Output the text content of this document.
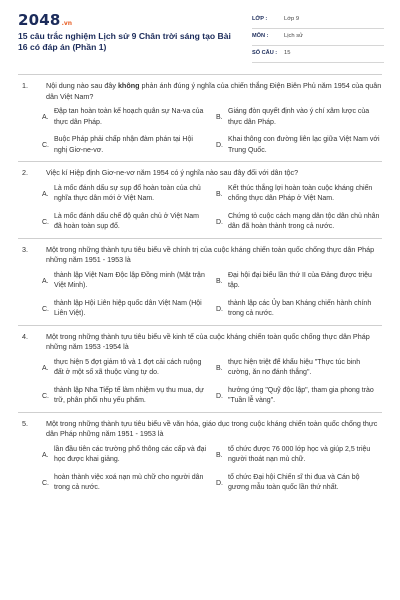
2048 .vn
15 câu trắc nghiệm Lịch sử 9 Chân trời sáng tạo Bài 16 có đáp án (Phần 1)
LỚP :	Lớp 9
MÔN :	Lịch sử
SỐ CÂU : 15
1.	Nội dung nào sau đây không phản ánh đúng ý nghĩa của chiến thắng Điện Biên Phủ năm 1954 của quân dân Việt Nam?
A.
Đập tan hoàn toàn kế hoạch quân sự Na-va của thực dân Pháp.
B.
Giáng đòn quyết định vào ý chí xâm lược của thực dân Pháp.
C.
Buộc Pháp phải chấp nhận đàm phán tại Hội nghị Giơ-ne-vơ.
D.
Khai thông con đường liên lạc giữa Việt Nam với Trung Quốc.
2.	Việc kí Hiệp định Giơ-ne-vơ năm 1954 có ý nghĩa nào sau đây đối với dân tộc?
A.
Là mốc đánh dấu sự sụp đổ hoàn toàn của chủ nghĩa thực dân mới ở Việt Nam.
B.
Kết thúc thắng lợi hoàn toàn cuộc kháng chiến chống thực dân Pháp ở Việt Nam.
C.
Là mốc đánh dấu chế độ quân chủ ở Việt Nam đã hoàn toàn sụp đổ.
D.
Chứng tỏ cuộc cách mạng dân tộc dân chủ nhân dân đã hoàn thành trong cả nước.
3.	Một trong những thành tựu tiêu biểu về chính trị của cuộc kháng chiến toàn quốc chống thực dân Pháp những năm 1951 - 1953 là
A.
thành lập Việt Nam Độc lập Đồng minh (Mặt trận Việt Minh).
B.
Đại hội đại biểu lần thứ II của Đảng được triệu tập.
C.
thành lập Hội Liên hiệp quốc dân Việt Nam (Hội Liên Việt).
D.
thành lập các Ủy ban Kháng chiến hành chính trong cả nước.
4.	Một trong những thành tựu tiêu biểu về kinh tế của cuộc kháng chiến toàn quốc chống thực dân Pháp những năm 1953 -1954 là
A.
thực hiện 5 đợt giảm tô và 1 đợt cải cách ruộng đất ở một số xã thuộc vùng tự do.
B.
thực hiện triệt để khẩu hiệu "Thực túc binh cường, ăn no đánh thắng".
C.
thành lập Nha Tiếp tế làm nhiệm vụ thu mua, dự trữ, phân phối nhu yếu phẩm.
D.
hưởng ứng "Quỹ độc lập", tham gia phong trào "Tuần lễ vàng".
5.	Một trong những thành tựu tiêu biểu về văn hóa, giáo dục trong cuộc kháng chiến toàn quốc chống thực dân Pháp những năm 1951 - 1953 là
A.
lần đầu tiên các trường phổ thông các cấp và đại học được khai giảng.
B.
tổ chức được 76 000 lớp học và giúp 2,5 triệu người thoát nạn mù chữ.
C.
hoàn thành việc xoá nạn mù chữ cho người dân trong cả nước.
D.
tổ chức Đại hội Chiến sĩ thi đua và Cán bộ gương mẫu toàn quốc lần thứ nhất.
